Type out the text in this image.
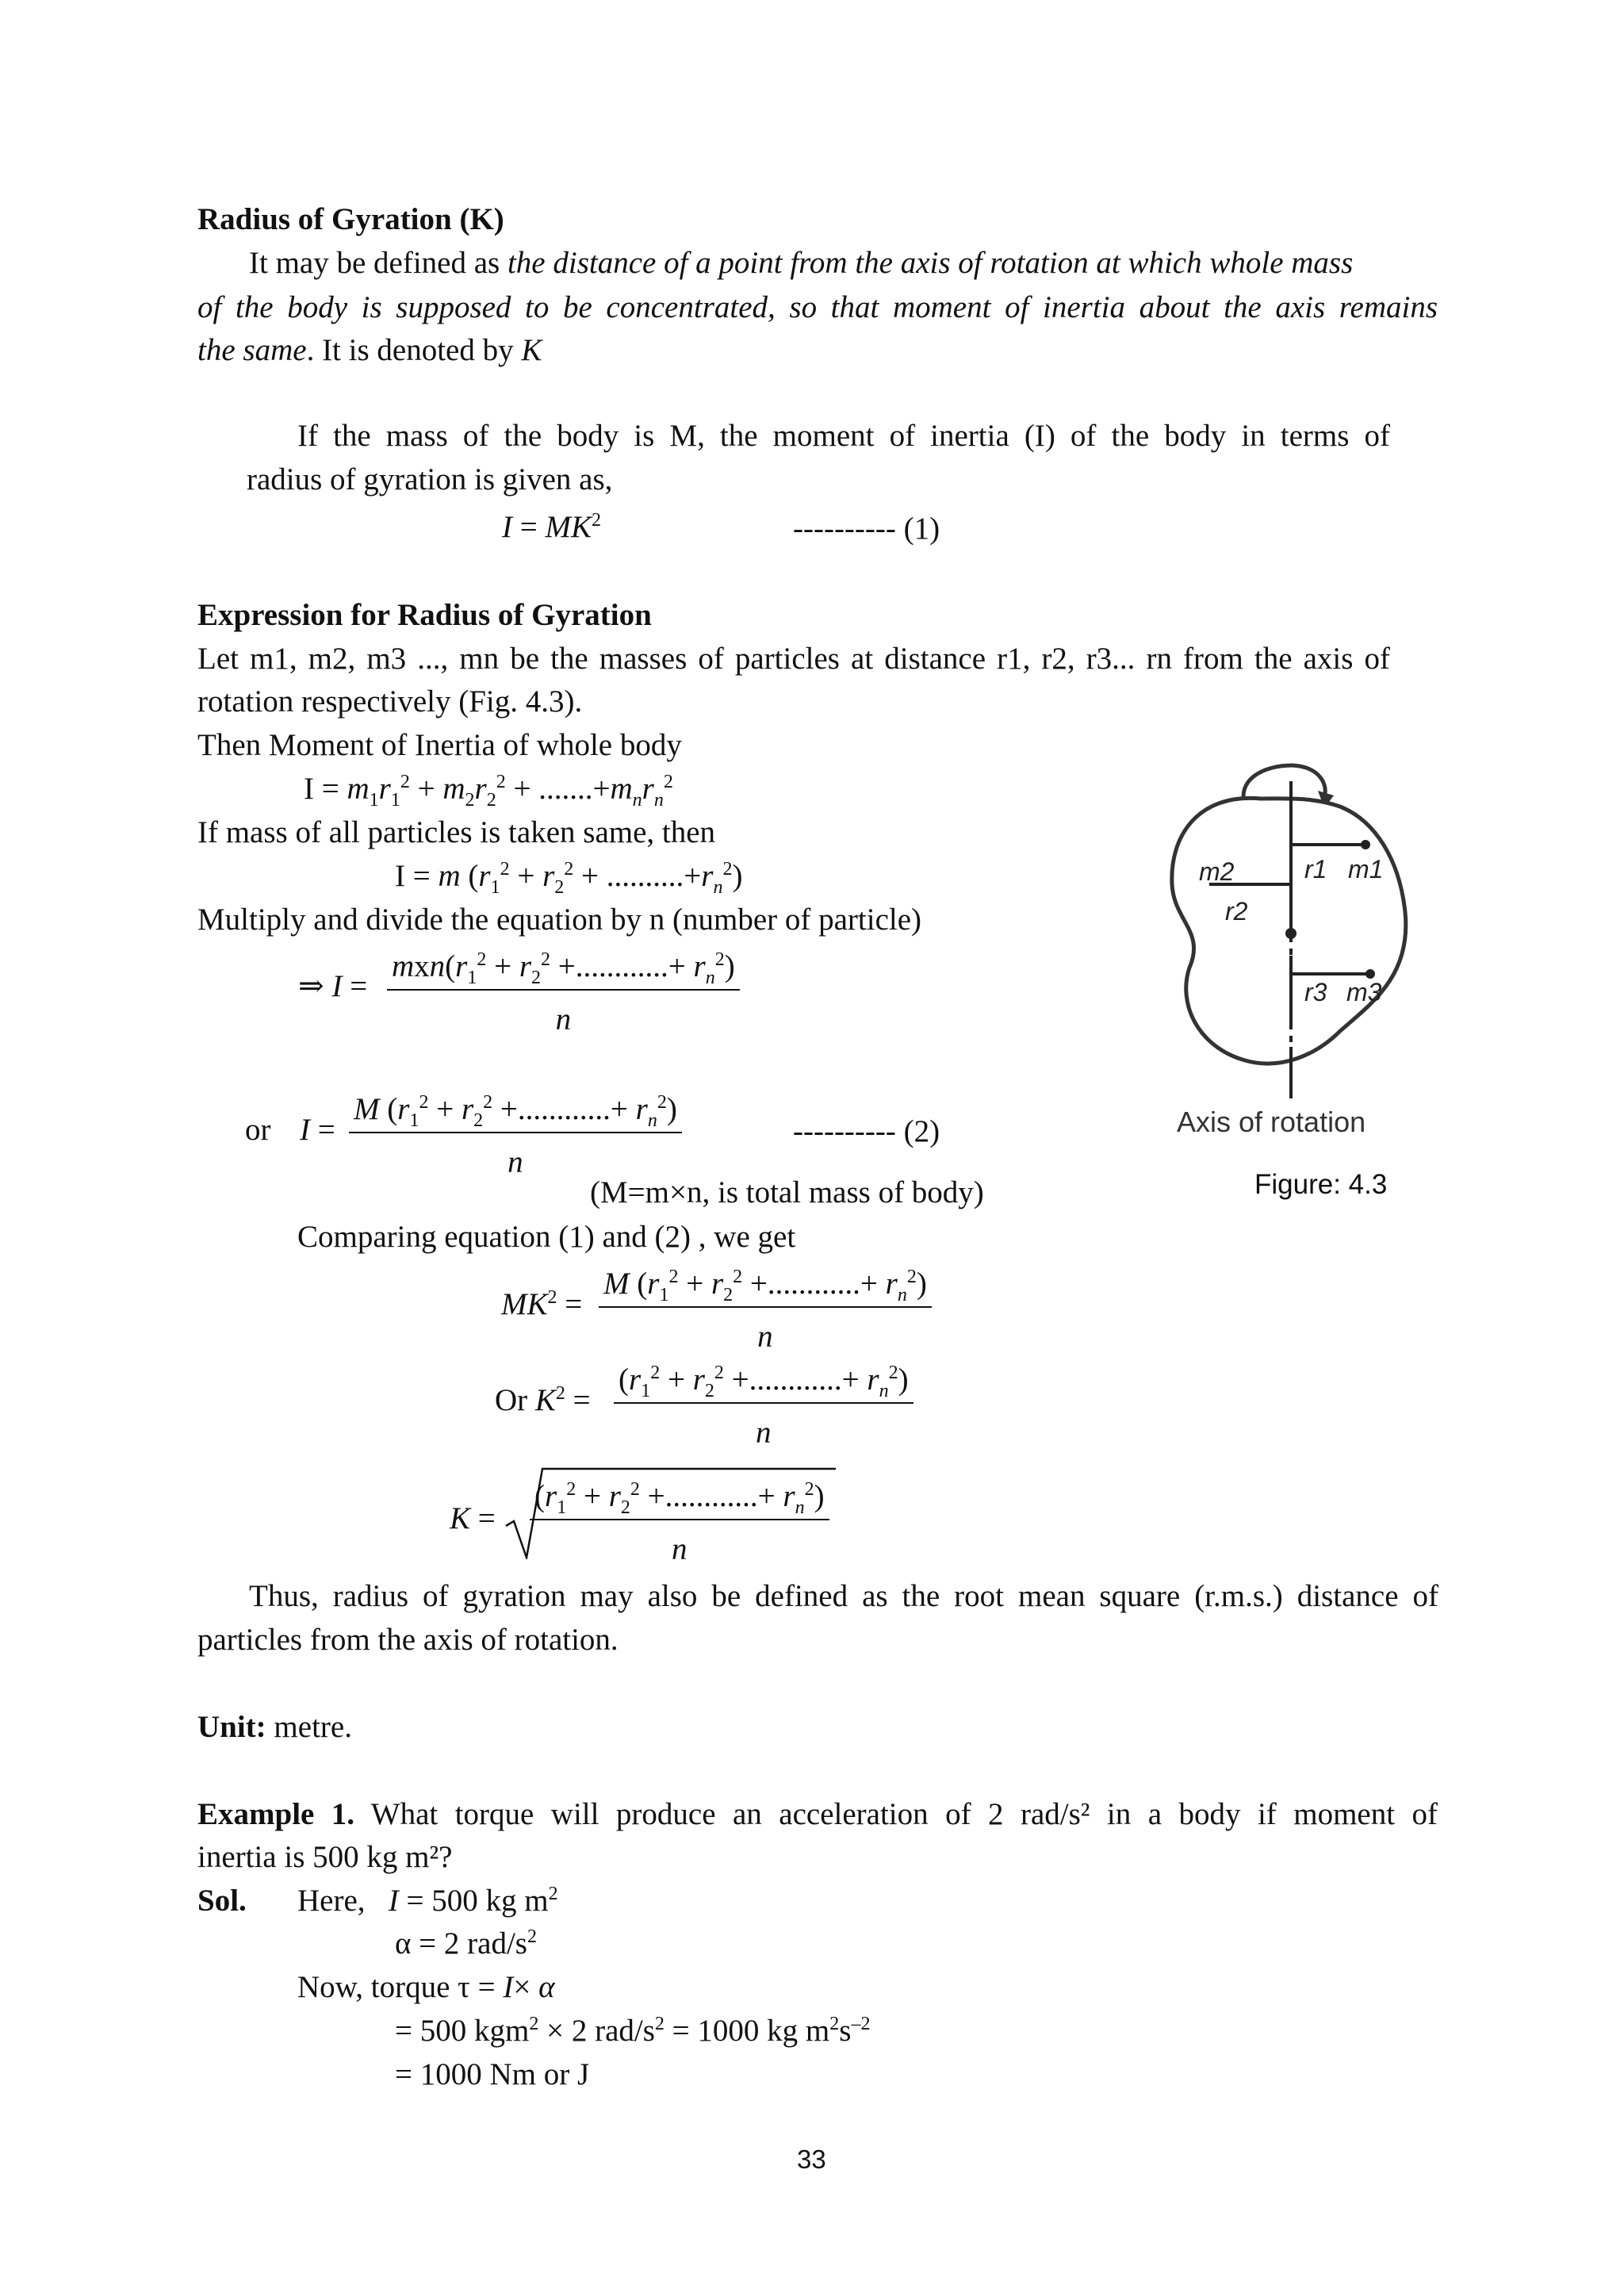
Radius of Gyration (K)
It may be defined as the distance of a point from the axis of rotation at which whole mass
of the body is supposed to be concentrated, so that moment of inertia about the axis remains
the same. It is denoted by K
If the mass of the body is M, the moment of inertia (I) of the body in terms of
radius of gyration is given as,
$I = MK^2$	---------- (1)
Expression for Radius of Gyration
Let m1, m2, m3 ..., mn be the masses of particles at distance r1, r2, r3... rn from the axis of
rotation respectively (Fig. 4.3).
Then Moment of Inertia of whole body
$I = m_1r_1^2 + m_2r_2^2 + .......+m_nr_n^2$
If mass of all particles is taken same, then
I = m $(r_1^2 + r_2^2 + ..........+r_n^2)$
Multiply and divide the equation by n (number of particle)
⇒ I =
$mxn(r_1^2 + r_2^2$ +............+ $r_n^2$)
n
or I =
M ($r_1^2 + r_2^2$ +............+ $r_n^2$)
n
---------- (2)
(M=m×n, is total mass of body)
Comparing equation (1) and (2) , we get
$MK^2$ =
M ($r_1^2 + r_2^2$ +............+ $r_n^2$)
n
Or $K^2$ =
($r_1^2 + r_2^2$ +............+ $r_n^2$)
n
K =
($r_1^2 + r_2^2$ +............+ $r_n^2$)
n
Thus, radius of gyration may also be defined as the root mean square (r.m.s.) distance of
particles from the axis of rotation.
Unit: metre.
Example 1. What torque will produce an acceleration of 2 rad/s² in a body if moment of
inertia is 500 kg m²?
Sol. Here, I = 500 kg $m^2$
α = 2 rad/$s^2$
Now, torque τ = I× α
= 500 kgm$^2$ × 2 rad/$s^2 = 1000$ kg $m^2s^{-2}$
= 1000 Nm or J
m2	r1 m1
r2
r3 m3
Axis of rotation
Figure: 4.3
33
